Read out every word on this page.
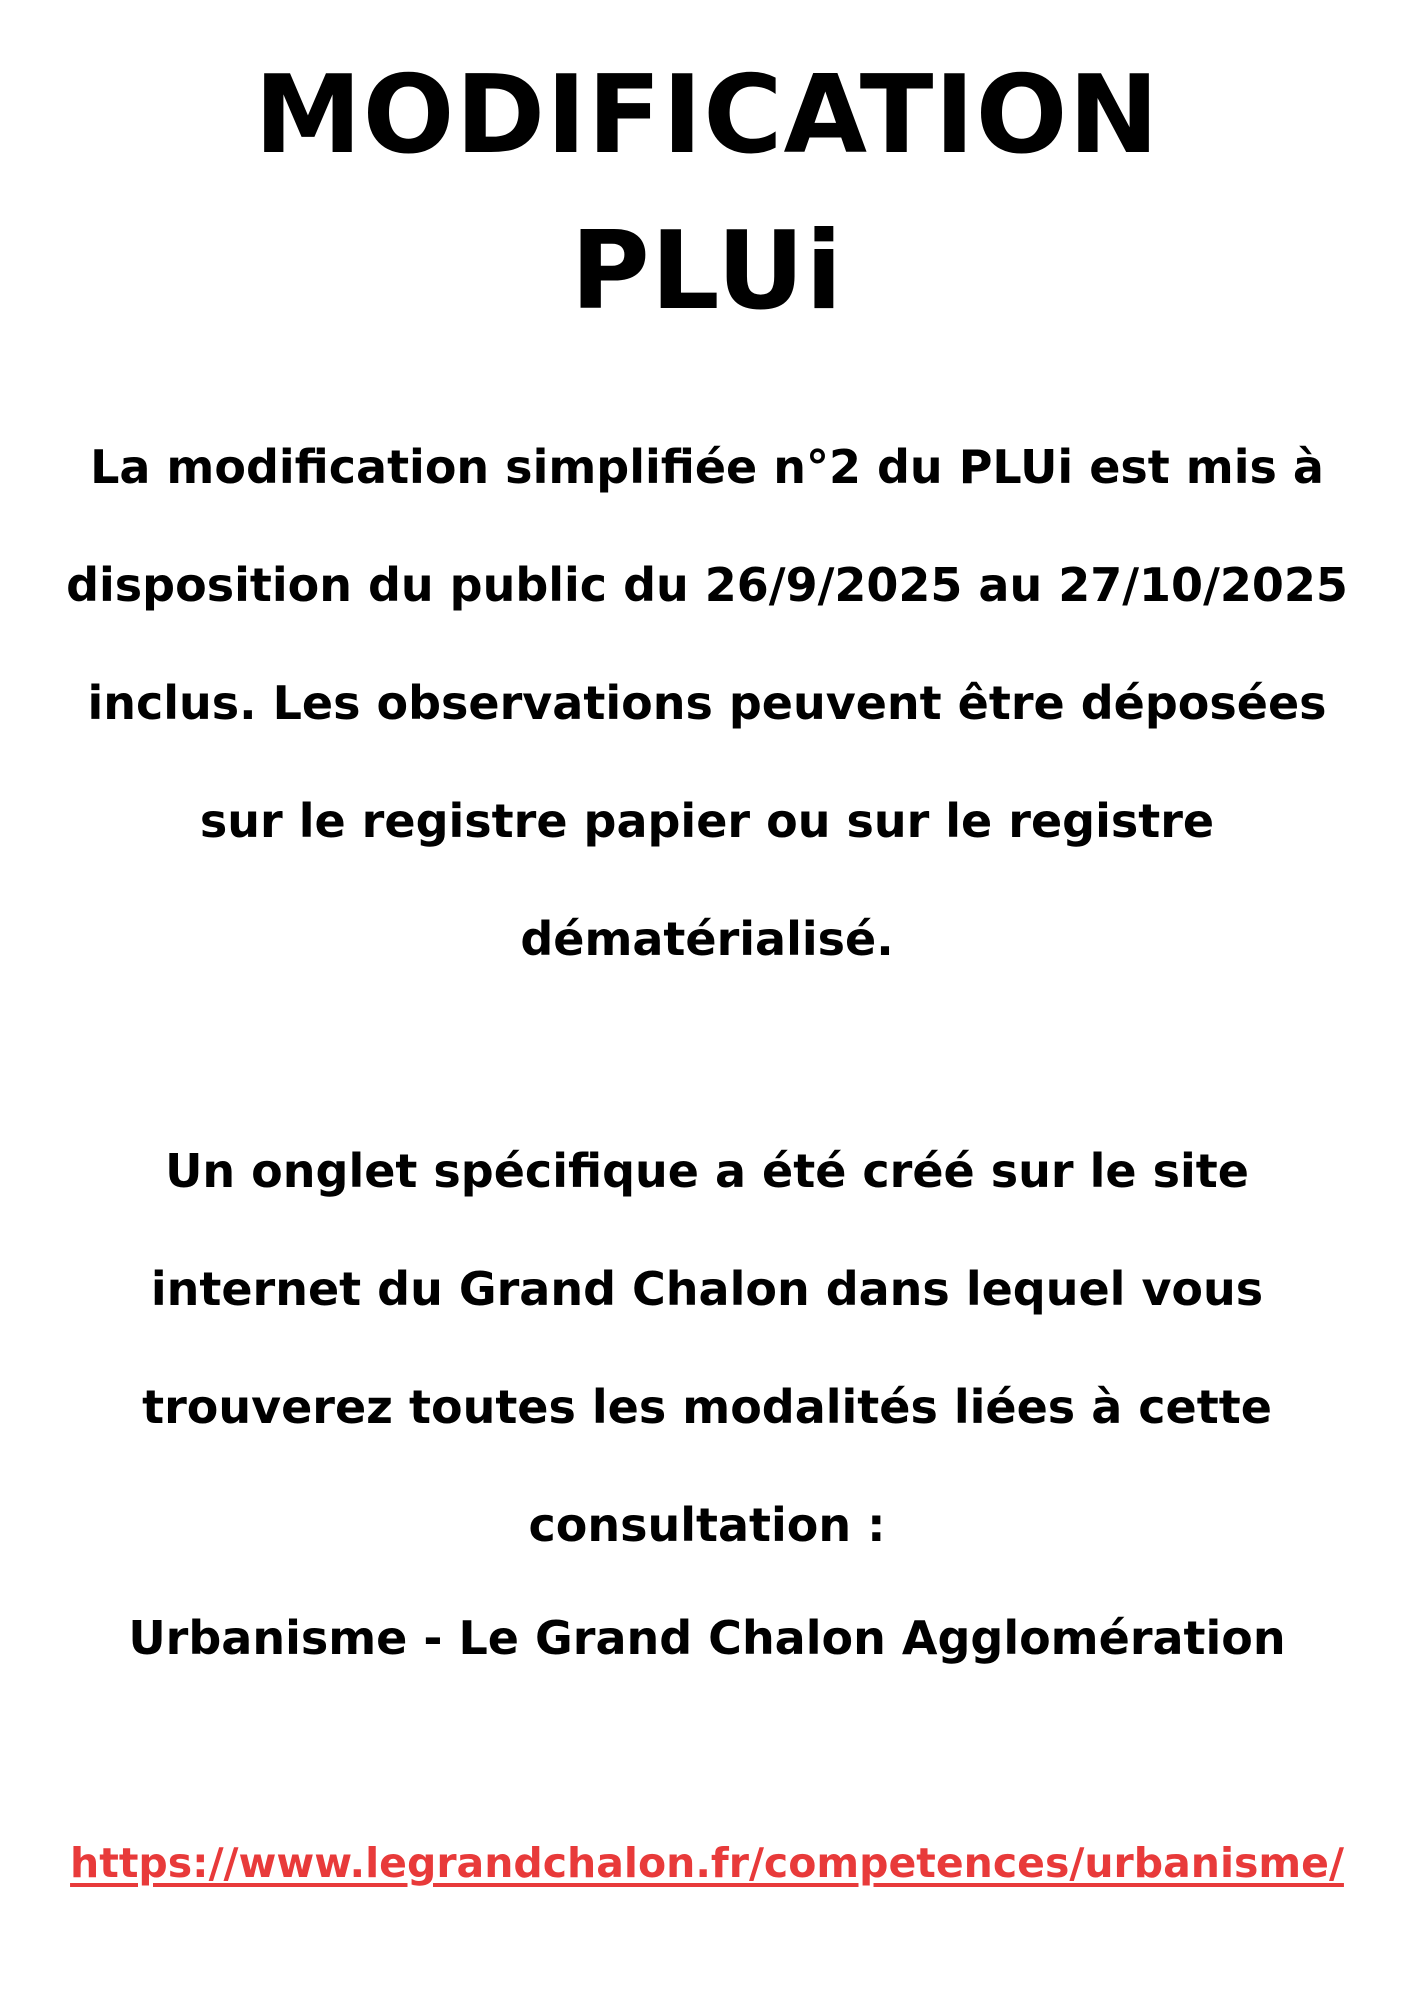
MODIFICATION
PLUi

La modification simplifiée n°2 du PLUi est mis à
disposition du public du 26/9/2025 au 27/10/2025
inclus. Les observations peuvent être déposées
sur le registre papier ou sur le registre
dématérialisé.

Un onglet spécifique a été créé sur le site
internet du Grand Chalon dans lequel vous
trouverez toutes les modalités liées à cette
consultation :

Urbanisme - Le Grand Chalon Agglomération
https://www.legrandchalon.fr/competences/urbanisme/
